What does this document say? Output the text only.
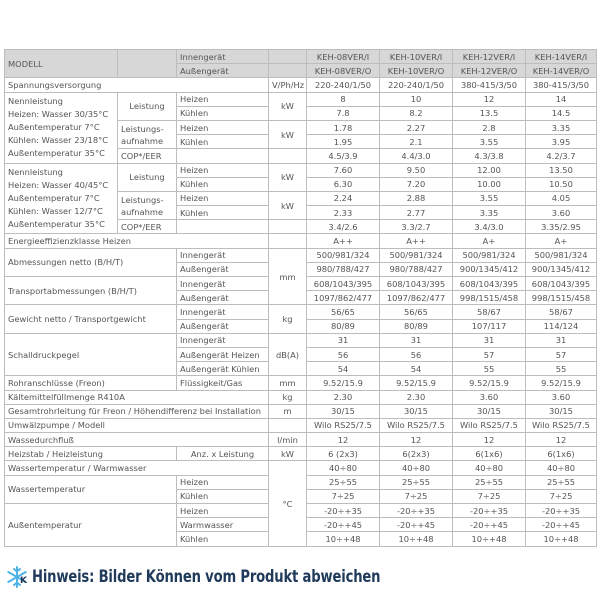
MODELL		Innengerät		KEH-08VER/I	KEH-10VER/I	KEH-12VER/I	KEH-14VER/I
		Außengerät		KEH-08VER/O	KEH-10VER/O	KEH-12VER/O	KEH-14VER/O
Spannungsversorgung			V/Ph/Hz	220-240/1/50	220-240/1/50	380-415/3/50	380-415/3/50

Nennleistung
Heizen: Wasser 30/35°C
Außentemperatur 7°C
Kühlen: Wasser 23/18°C
Außentemperatur 35°C	Leistung	Heizen	kW	8	10	12	14
		Kühlen		7.8	8.2	13.5	14.5

	Leistungs-
aufnahme	Heizen	kW	1.78	2.27	2.8	3.35
		Kühlen		1.95	2.1	3.55	3.95
	COP*/EER			4.5/3.9	4.4/3.0	4.3/3.8	4.2/3.7

Nennleistung
Heizen: Wasser 40/45°C
Außentemperatur 7°C
Kühlen: Wasser 12/7°C
Außentemperatur 35°C	Leistung	Heizen	kW	7.60	9.50	12.00	13.50
		Kühlen		6.30	7.20	10.00	10.50

	Leistungs-
aufnahme	Heizen	kW	2.24	2.88	3.55	4.05
		Kühlen		2.33	2.77	3.35	3.60
	COP*/EER			3.4/2.6	3.3/2.7	3.4/3.0	3.35/2.95
Energieeffizienzklasse Heizen				A++	A++	A+	A+
Abmessungen netto (B/H/T)		Innengerät	mm	500/981/324	500/981/324	500/981/324	500/981/324
		Außengerät		980/788/427	980/788/427	900/1345/412	900/1345/412
Transportabmessungen (B/H/T)		Innengerät		608/1043/395	608/1043/395	608/1043/395	608/1043/395
		Außengerät		1097/862/477	1097/862/477	998/1515/458	998/1515/458
Gewicht netto / Transportgewicht		Innengerät	kg	56/65	56/65	58/67	58/67
		Außengerät		80/89	80/89	107/117	114/124
Schalldruckpegel		Innengerät	dB(A)	31	31	31	31
		Außengerät Heizen		56	56	57	57
		Außengerät Kühlen		54	54	55	55
Rohranschlüsse (Freon)		Flüssigkeit/Gas	mm	9.52/15.9	9.52/15.9	9.52/15.9	9.52/15.9
Kältemittelfüllmenge R410A			kg	2.30	2.30	3.60	3.60
Gesamtrohrleitung für Freon / Höhendifferenz bei Installation			m	30/15	30/15	30/15	30/15
Umwälzpumpe / Modell				Wilo RS25/7.5	Wilo RS25/7.5	Wilo RS25/7.5	Wilo RS25/7.5
Wassedurchfluß			l/min	12	12	12	12
Heizstab / Heizleistung		Anz. x Leistung	kW	6 (2x3)	6(2x3)	6(1x6)	6(1x6)
Wassertemperatur / Warmwasser			°C	40÷80	40÷80	40÷80	40÷80
Wassertemperatur		Heizen		25÷55	25÷55	25÷55	25÷55
		Kühlen		7÷25	7÷25	7÷25	7÷25
Außentemperatur		Heizen		-20÷+35	-20÷+35	-20÷+35	-20÷+35
		Warmwasser		-20÷+45	-20÷+45	-20÷+45	-20÷+45
		Kühlen		10÷+48	10÷+48	10÷+48	10÷+48
K Hinweis: Bilder Können vom Produkt abweichen
